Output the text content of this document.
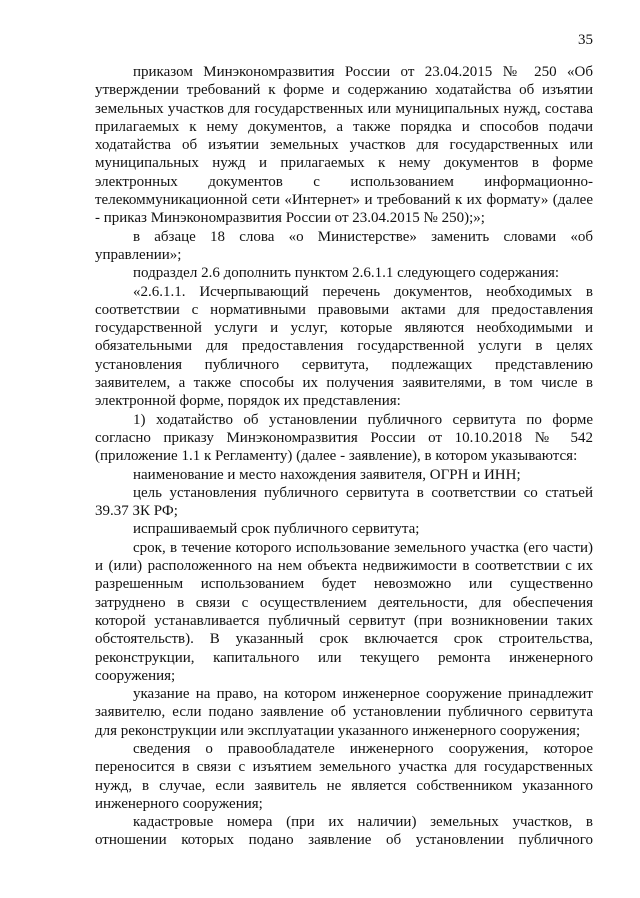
35

приказом Минэкономразвития России от 23.04.2015 № 250 «Об утверждении требований к форме и содержанию ходатайства об изъятии земельных участков для государственных или муниципальных нужд, состава прилагаемых к нему документов, а также порядка и способов подачи ходатайства об изъятии земельных участков для государственных или муниципальных нужд и прилагаемых к нему документов в форме электронных документов с использованием информационно-телекоммуникационной сети «Интернет» и требований к их формату» (далее - приказ Минэкономразвития России от 23.04.2015 № 250);»;

в абзаце 18 слова «о Министерстве» заменить словами «об управлении»;

подраздел 2.6 дополнить пунктом 2.6.1.1 следующего содержания:

«2.6.1.1. Исчерпывающий перечень документов, необходимых в соответствии с нормативными правовыми актами для предоставления государственной услуги и услуг, которые являются необходимыми и обязательными для предоставления государственной услуги в целях установления публичного сервитута, подлежащих представлению заявителем, а также способы их получения заявителями, в том числе в электронной форме, порядок их представления:

1) ходатайство об установлении публичного сервитута по форме согласно приказу Минэкономразвития России от 10.10.2018 № 542 (приложение 1.1 к Регламенту) (далее - заявление), в котором указываются:

наименование и место нахождения заявителя, ОГРН и ИНН;

цель установления публичного сервитута в соответствии со статьей 39.37 ЗК РФ;

испрашиваемый срок публичного сервитута;

срок, в течение которого использование земельного участка (его части) и (или) расположенного на нем объекта недвижимости в соответствии с их разрешенным использованием будет невозможно или существенно затруднено в связи с осуществлением деятельности, для обеспечения которой устанавливается публичный сервитут (при возникновении таких обстоятельств). В указанный срок включается срок строительства, реконструкции, капитального или текущего ремонта инженерного сооружения;

указание на право, на котором инженерное сооружение принадлежит заявителю, если подано заявление об установлении публичного сервитута для реконструкции или эксплуатации указанного инженерного сооружения;

сведения о правообладателе инженерного сооружения, которое переносится в связи с изъятием земельного участка для государственных нужд, в случае, если заявитель не является собственником указанного инженерного сооружения;

кадастровые номера (при их наличии) земельных участков, в отношении которых подано заявление об установлении публичного
